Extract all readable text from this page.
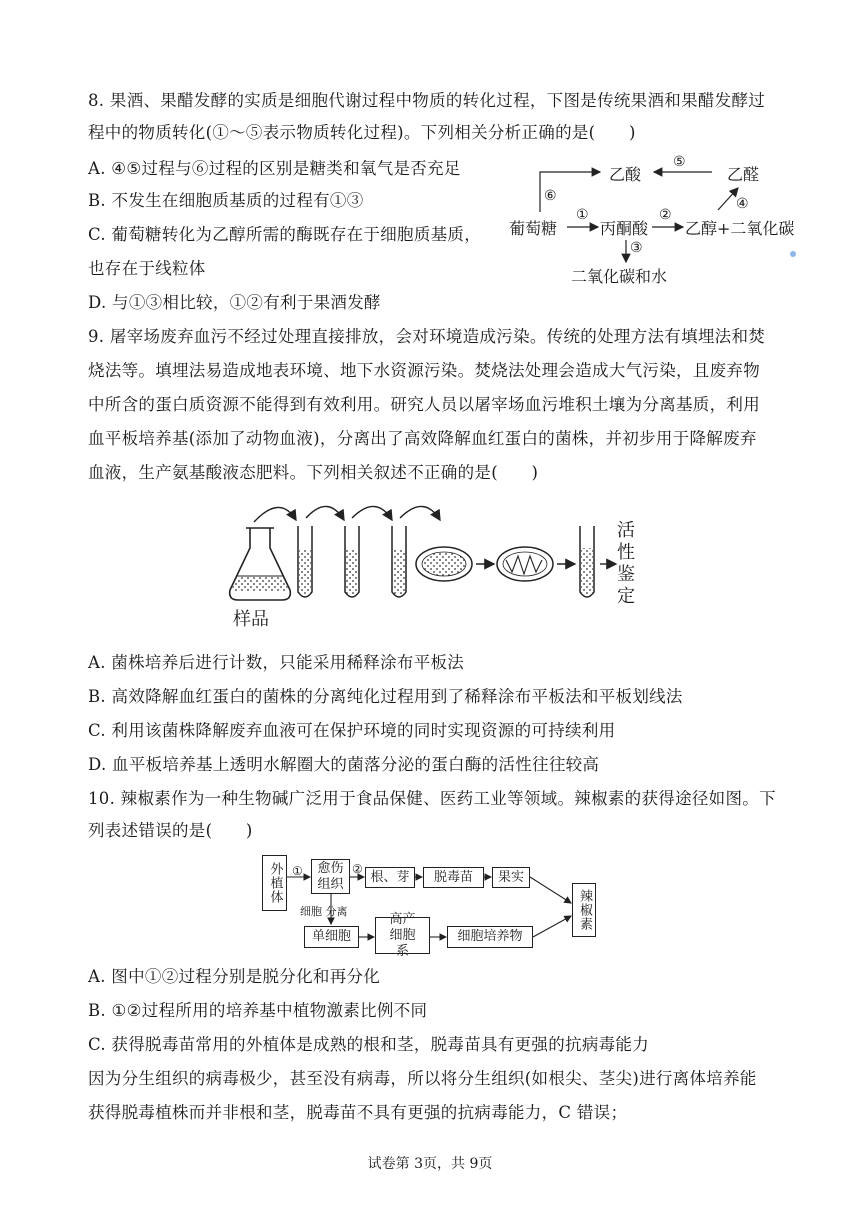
8. 果酒、果醋发酵的实质是细胞代谢过程中物质的转化过程，下图是传统果酒和果醋发酵过
程中的物质转化(①～⑤表示物质转化过程)。下列相关分析正确的是(　　)
A. ④⑤过程与⑥过程的区别是糖类和氧气是否充足
B. 不发生在细胞质基质的过程有①③
C. 葡萄糖转化为乙醇所需的酶既存在于细胞质基质，
也存在于线粒体
D. 与①③相比较，①②有利于果酒发酵
乙酸
⑤
乙醛
⑥	④
葡萄糖
①
丙酮酸
②
乙醇+二氧化碳
③
二氧化碳和水
9. 屠宰场废弃血污不经过处理直接排放，会对环境造成污染。传统的处理方法有填埋法和焚
烧法等。填埋法易造成地表环境、地下水资源污染。焚烧法处理会造成大气污染，且废弃物
中所含的蛋白质资源不能得到有效利用。研究人员以屠宰场血污堆积土壤为分离基质，利用
血平板培养基(添加了动物血液)，分离出了高效降解血红蛋白的菌株，并初步用于降解废弃
血液，生产氨基酸液态肥料。下列相关叙述不正确的是(　　)
样品
活
性
鉴
定
A. 菌株培养后进行计数，只能采用稀释涂布平板法
B. 高效降解血红蛋白的菌株的分离纯化过程用到了稀释涂布平板法和平板划线法
C. 利用该菌株降解废弃血液可在保护环境的同时实现资源的可持续利用
D. 血平板培养基上透明水解圈大的菌落分泌的蛋白酶的活性往往较高
10. 辣椒素作为一种生物碱广泛用于食品保健、医药工业等领域。辣椒素的获得途径如图。下
列表述错误的是(　　)
外植体 ①	愈伤组织
②
根、芽	脱毒苗	果实
辣椒素
细胞 分离
单细胞
高产细胞系
细胞培养物
A. 图中①②过程分别是脱分化和再分化
B. ①②过程所用的培养基中植物激素比例不同
C. 获得脱毒苗常用的外植体是成熟的根和茎，脱毒苗具有更强的抗病毒能力
因为分生组织的病毒极少，甚至没有病毒，所以将分生组织(如根尖、茎尖)进行离体培养能
获得脱毒植株而并非根和茎，脱毒苗不具有更强的抗病毒能力，C 错误；
试卷第 3页，共 9页
